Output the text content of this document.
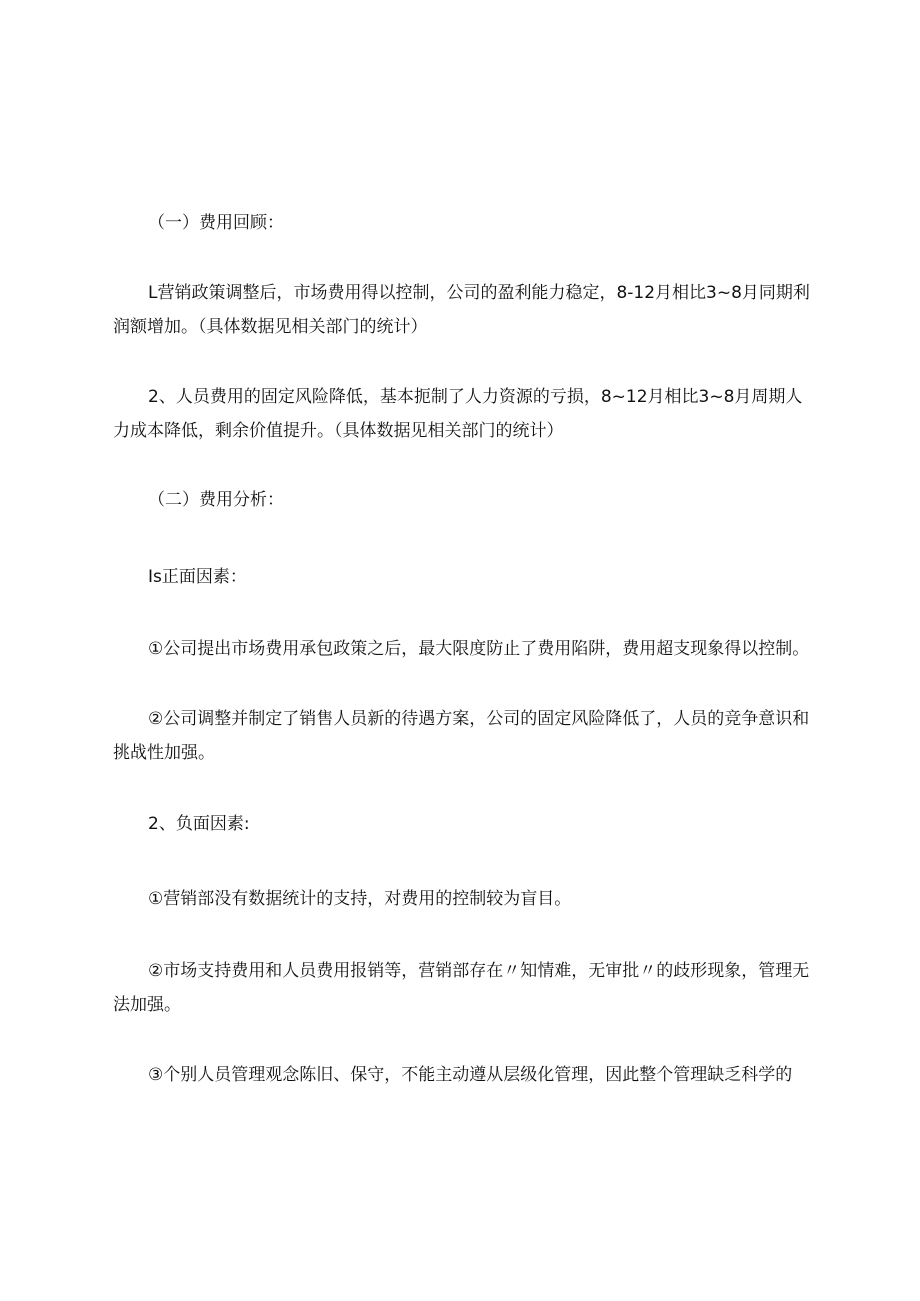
（一）费用回顾：

L营销政策调整后，市场费用得以控制，公司的盈利能力稳定，8-12月相比3~8月同期利润额增加。（具体数据见相关部门的统计）

2、人员费用的固定风险降低，基本扼制了人力资源的亏损，8~12月相比3~8月周期人力成本降低，剩余价值提升。（具体数据见相关部门的统计）

（二）费用分析：

Is正面因素：

①公司提出市场费用承包政策之后，最大限度防止了费用陷阱，费用超支现象得以控制。

②公司调整并制定了销售人员新的待遇方案，公司的固定风险降低了，人员的竞争意识和挑战性加强。

2、负面因素:

①营销部没有数据统计的支持，对费用的控制较为盲目。

②市场支持费用和人员费用报销等，营销部存在〃知情难，无审批〃的歧形现象，管理无法加强。

③个别人员管理观念陈旧、保守，不能主动遵从层级化管理，因此整个管理缺乏科学的
